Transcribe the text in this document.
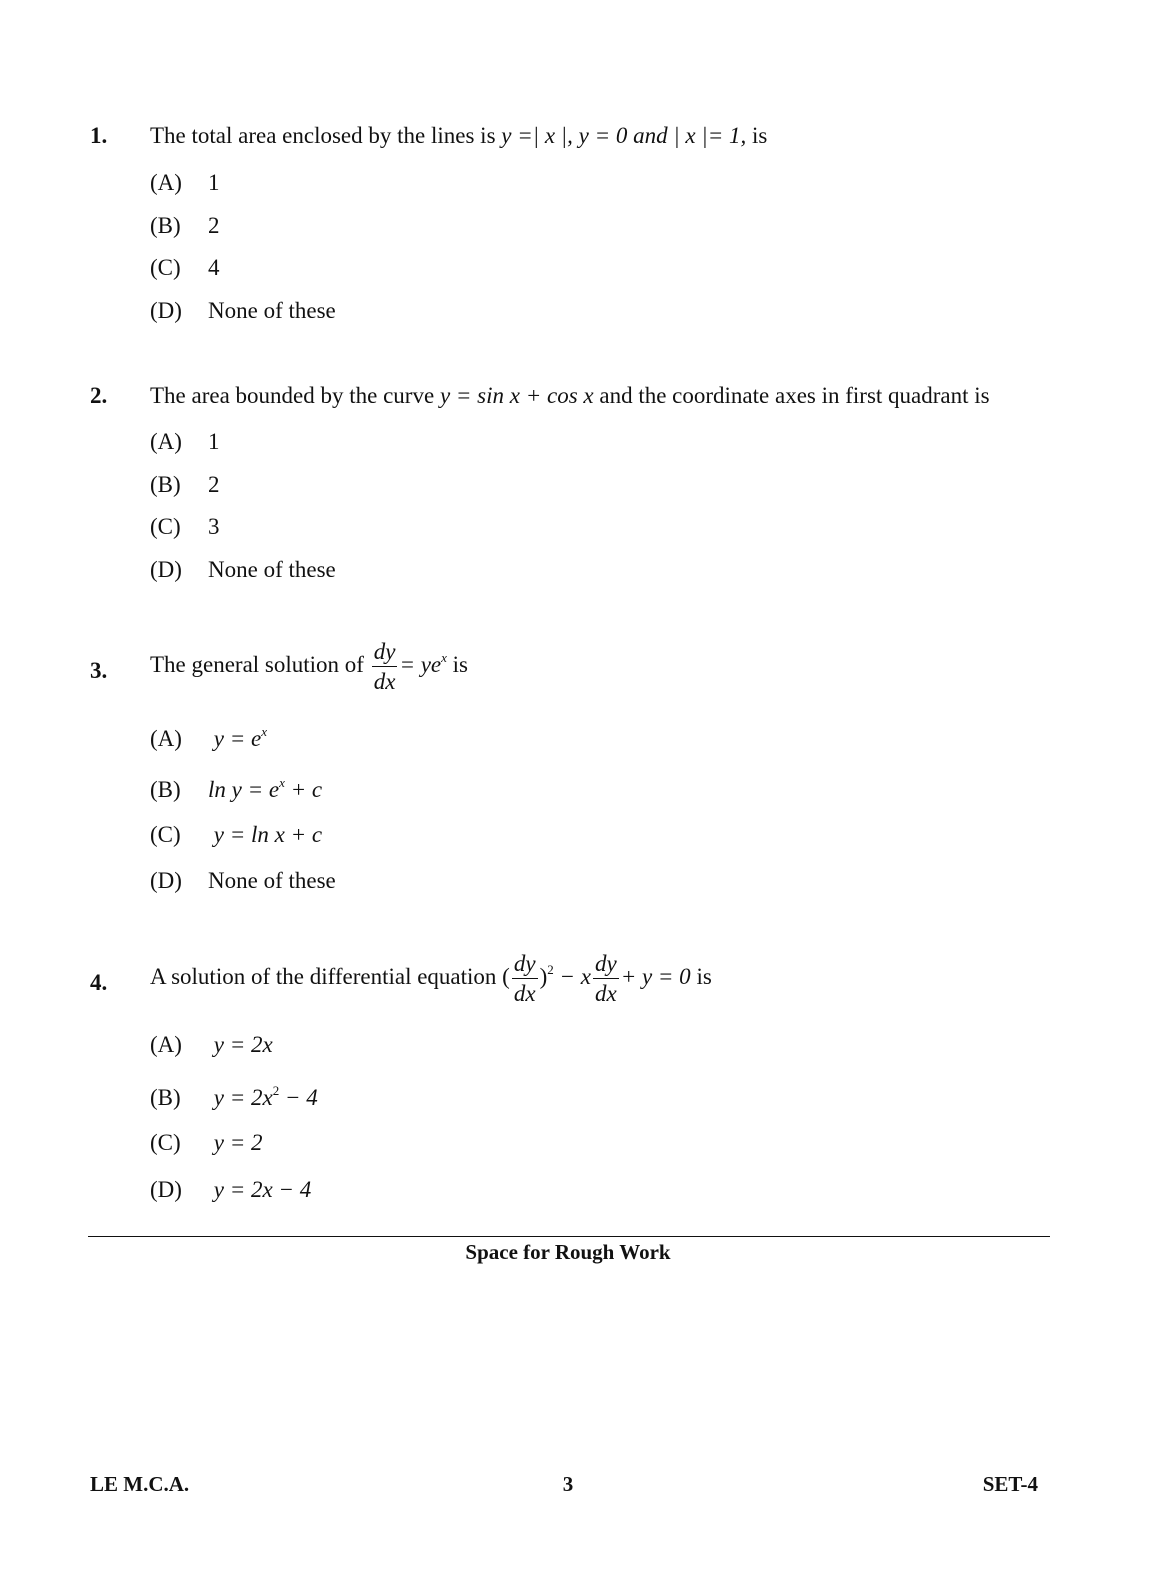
1. The total area enclosed by the lines is y =| x |, y = 0 and | x |= 1, is
(A) 1
(B) 2
(C) 4
(D) None of these
2. The area bounded by the curve y = sin x + cos x and the coordinate axes in first quadrant is
(A) 1
(B) 2
(C) 3
(D) None of these
3. The general solution of $\frac{dy}{dx} = ye^x$ is
(A) $y = e^x$
(B) $\ln y = e^x + c$
(C) y = ln x + c
(D) None of these
4. A solution of the differential equation ( $\frac{dy}{dx} )^2 - x \frac{dy}{dx} + y = 0$ is
(A) y = 2x
(B) $y = 2x^2 - 4$
(C) y = 2
(D) y = 2x − 4
Space for Rough Work
LE M.C.A.	3	SET-4
